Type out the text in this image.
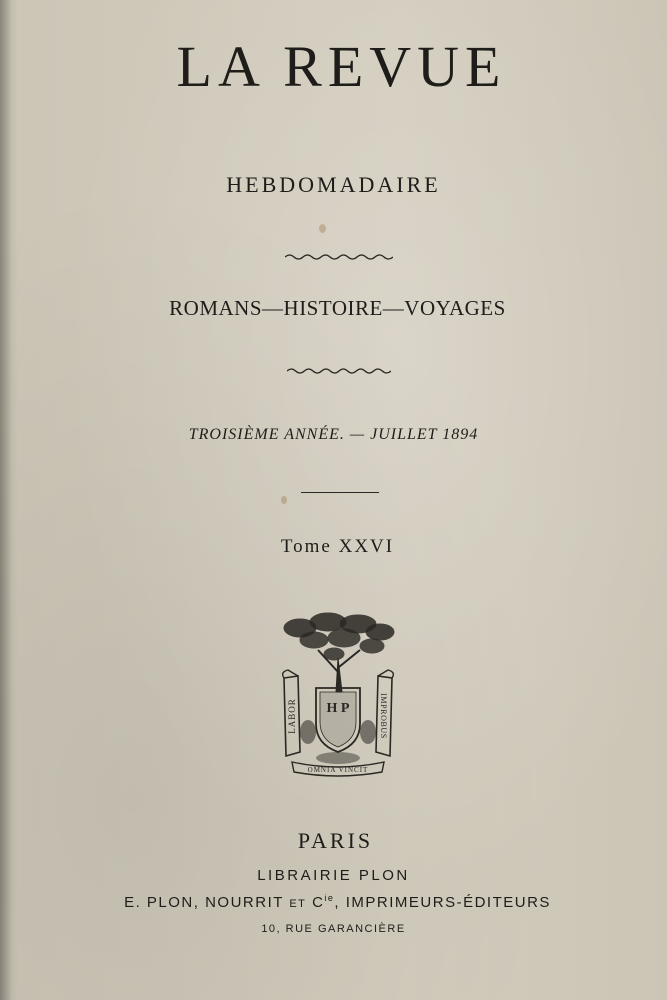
LA REVUE
HEBDOMADAIRE
ROMANS—HISTOIRE—VOYAGES
TROISIÈME ANNÉE. — JUILLET 1894
Tome XXVI
LABOR	IMPROBUS
OMNIA VINCIT
H P
PARIS
LIBRAIRIE PLON
E. PLON, NOURRIT ET $C^{ie}$, IMPRIMEURS-ÉDITEURS
10, RUE GARANCIÈRE
